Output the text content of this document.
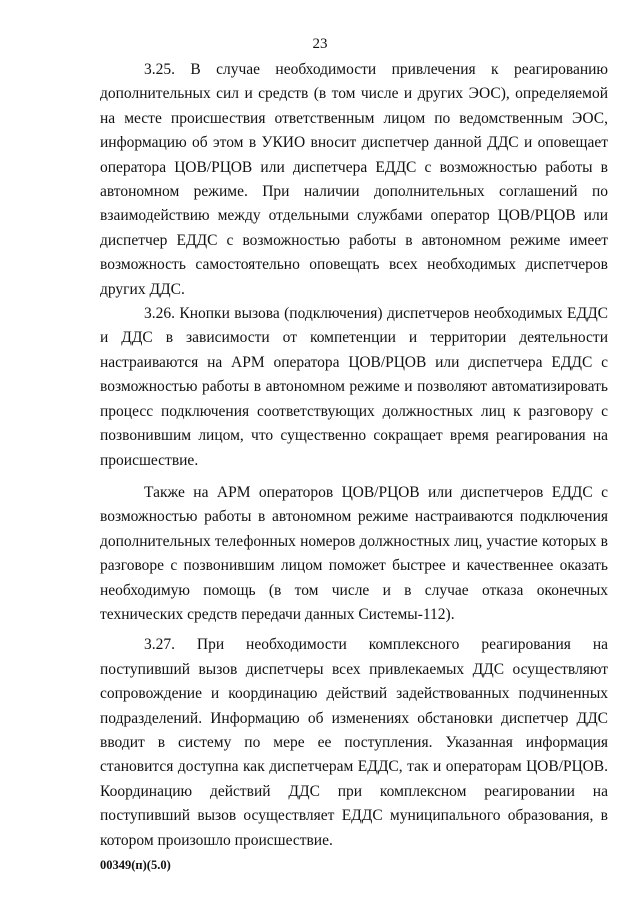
23

3.25. В случае необходимости привлечения к реагированию дополнительных сил и средств (в том числе и других ЭОС), определяемой на месте происшествия ответственным лицом по ведомственным ЭОС, информацию об этом в УКИО вносит диспетчер данной ДДС и оповещает оператора ЦОВ/РЦОВ или диспетчера ЕДДС с возможностью работы в автономном режиме. При наличии дополнительных соглашений по взаимодействию между отдельными службами оператор ЦОВ/РЦОВ или диспетчер ЕДДС с возможностью работы в автономном режиме имеет возможность самостоятельно оповещать всех необходимых диспетчеров других ДДС.

3.26. Кнопки вызова (подключения) диспетчеров необходимых ЕДДС и ДДС в зависимости от компетенции и территории деятельности настраиваются на АРМ оператора ЦОВ/РЦОВ или диспетчера ЕДДС с возможностью работы в автономном режиме и позволяют автоматизировать процесс подключения соответствующих должностных лиц к разговору с позвонившим лицом, что существенно сокращает время реагирования на происшествие.

Также на АРМ операторов ЦОВ/РЦОВ или диспетчеров ЕДДС с возможностью работы в автономном режиме настраиваются подключения дополнительных телефонных номеров должностных лиц, участие которых в разговоре с позвонившим лицом поможет быстрее и качественнее оказать необходимую помощь (в том числе и в случае отказа оконечных технических средств передачи данных Системы-112).

3.27. При необходимости комплексного реагирования на поступивший вызов диспетчеры всех привлекаемых ДДС осуществляют сопровождение и координацию действий задействованных подчиненных подразделений. Информацию об изменениях обстановки диспетчер ДДС вводит в систему по мере ее поступления. Указанная информация становится доступна как диспетчерам ЕДДС, так и операторам ЦОВ/РЦОВ. Координацию действий ДДС при комплексном реагировании на поступивший вызов осуществляет ЕДДС муниципального образования, в котором произошло происшествие.

00349(п)(5.0)
